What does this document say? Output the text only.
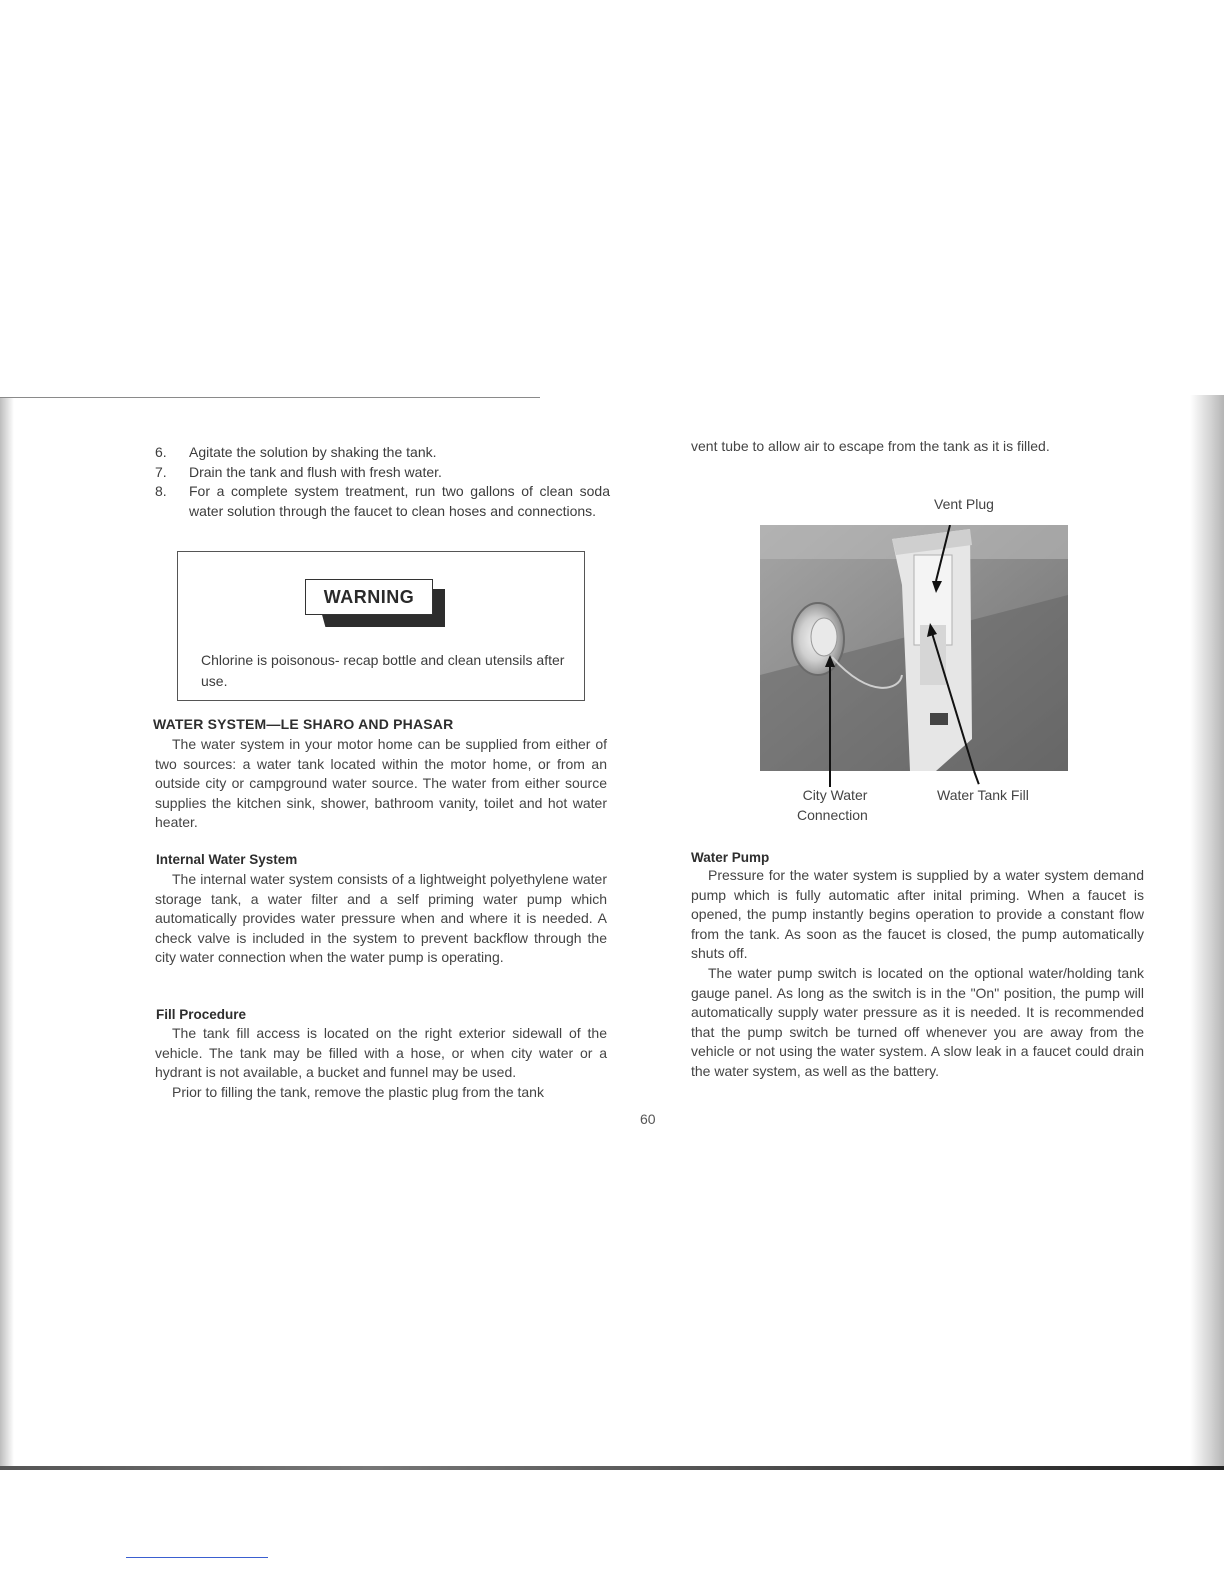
6. Agitate the solution by shaking the tank.
7. Drain the tank and flush with fresh water.
8. For a complete system treatment, run two gallons of clean soda water solution through the faucet to clean hoses and connections.
WARNING
Chlorine is poisonous- recap bottle and clean utensils after use.
WATER SYSTEM—LE SHARO AND PHASAR

The water system in your motor home can be supplied from either of two sources: a water tank located within the motor home, or from an outside city or campground water source. The water from either source supplies the kitchen sink, shower, bathroom vanity, toilet and hot water heater.

Internal Water System

The internal water system consists of a lightweight polyethylene water storage tank, a water filter and a self priming water pump which automatically provides water pressure when and where it is needed. A check valve is included in the system to prevent backflow through the city water connection when the water pump is operating.

Fill Procedure

The tank fill access is located on the right exterior sidewall of the vehicle. The tank may be filled with a hose, or when city water or a hydrant is not available, a bucket and funnel may be used.

Prior to filling the tank, remove the plastic plug from the tank

vent tube to allow air to escape from the tank as it is filled.
Vent Plug
City Water
Connection
Water Tank Fill
Water Pump

Pressure for the water system is supplied by a water system demand pump which is fully automatic after inital priming. When a faucet is opened, the pump instantly begins operation to provide a constant flow from the tank. As soon as the faucet is closed, the pump automatically shuts off.

The water pump switch is located on the optional water/holding tank gauge panel. As long as the switch is in the "On" position, the pump will automatically supply water pressure as it is needed. It is recommended that the pump switch be turned off whenever you are away from the vehicle or not using the water system. A slow leak in a faucet could drain the water system, as well as the battery.

60
